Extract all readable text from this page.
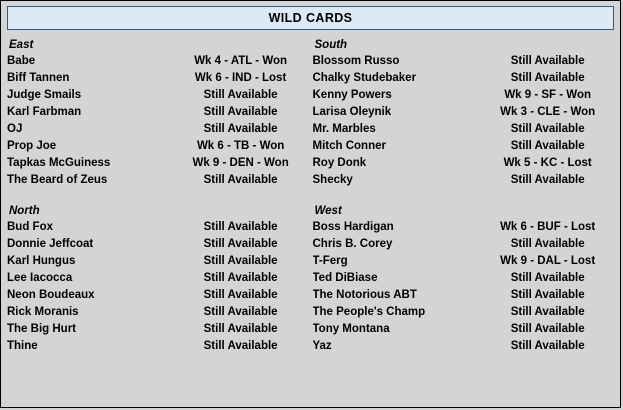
WILD CARDS
East
Babe	Wk 4 - ATL - Won
Biff Tannen	Wk 6 - IND - Lost
Judge Smails	Still Available
Karl Farbman	Still Available
OJ	Still Available
Prop Joe	Wk 6 - TB - Won
Tapkas McGuiness	Wk 9 - DEN - Won
The Beard of Zeus	Still Available
South
Blossom Russo	Still Available
Chalky Studebaker	Still Available
Kenny Powers	Wk 9 - SF - Won
Larisa Oleynik	Wk 3 - CLE - Won
Mr. Marbles	Still Available
Mitch Conner	Still Available
Roy Donk	Wk 5 - KC - Lost
Shecky	Still Available
North
Bud Fox	Still Available
Donnie Jeffcoat	Still Available
Karl Hungus	Still Available
Lee Iacocca	Still Available
Neon Boudeaux	Still Available
Rick Moranis	Still Available
The Big Hurt	Still Available
Thine	Still Available
West
Boss Hardigan	Wk 6 - BUF - Lost
Chris B. Corey	Still Available
T-Ferg	Wk 9 - DAL - Lost
Ted DiBiase	Still Available
The Notorious ABT	Still Available
The People's Champ	Still Available
Tony Montana	Still Available
Yaz	Still Available
